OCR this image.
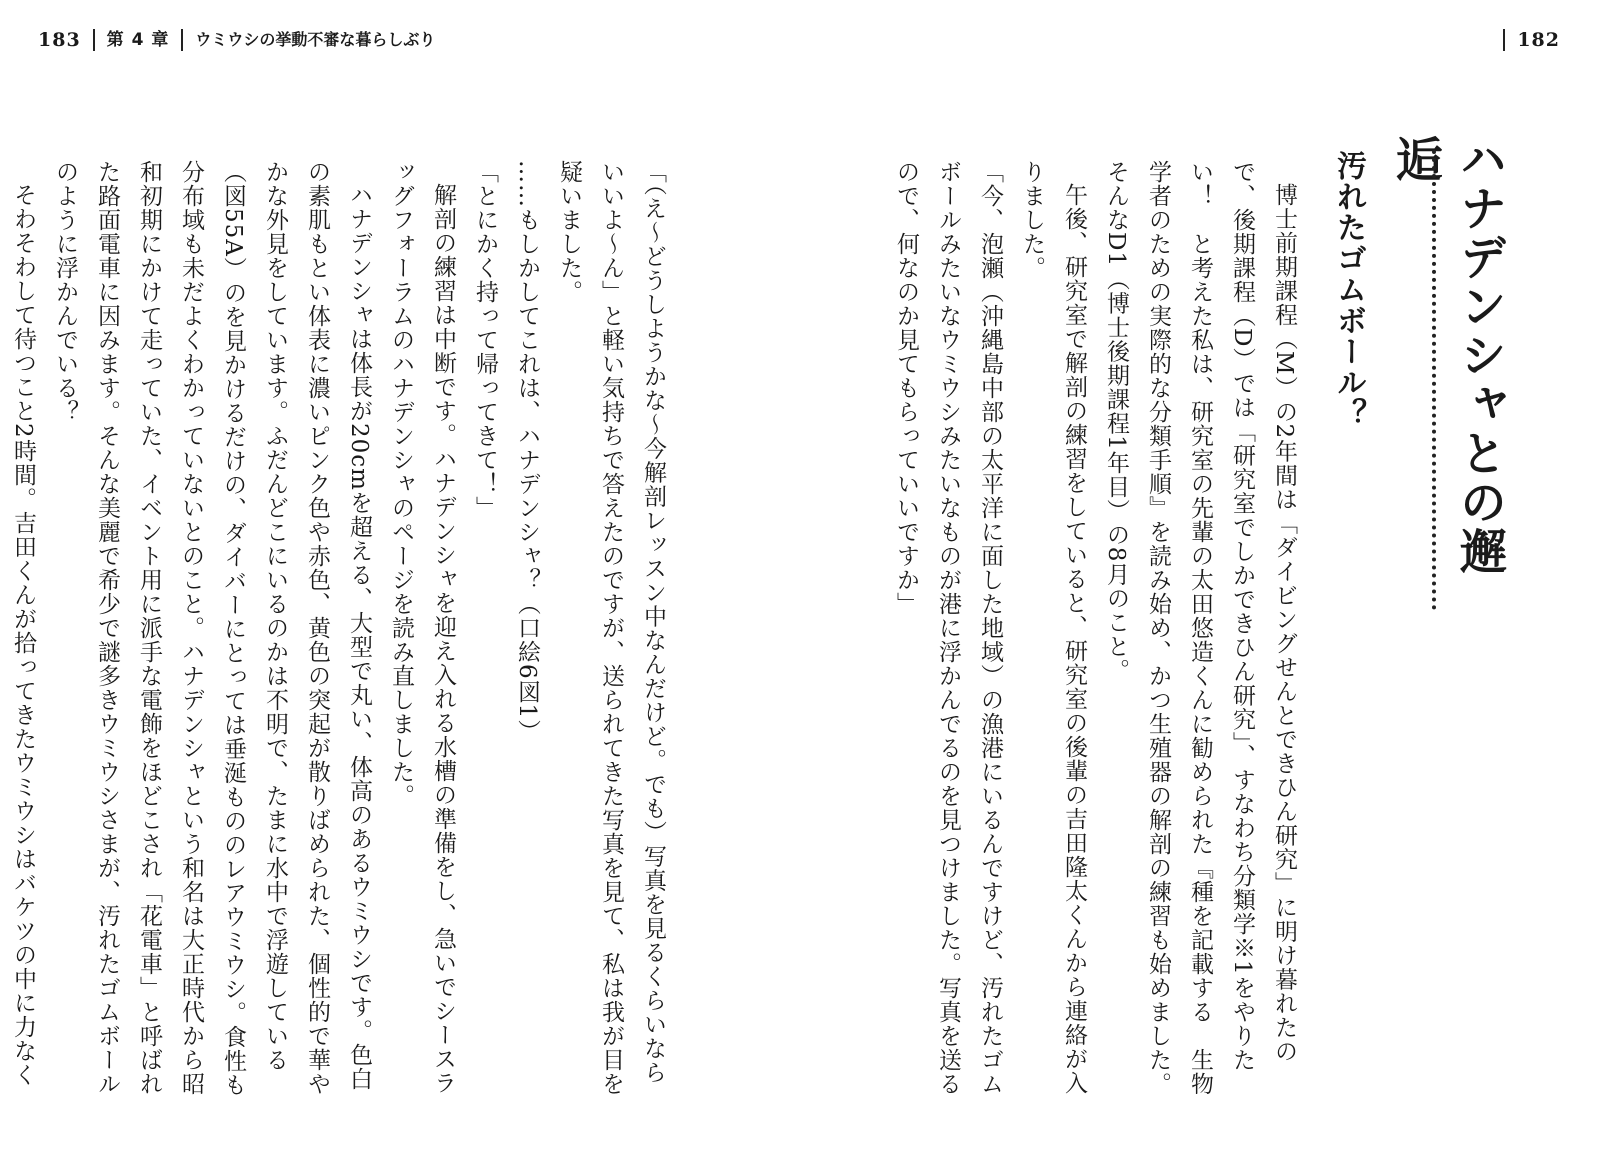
183 第 4 章 ウミウシの挙動不審な暮らしぶり	182
ハナデンシャとの邂逅
汚れたゴムボール？

博士前期課程（M）の2年間は「ダイビングせんとできひん研究」に明け暮れたので、後期課程（D）では「研究室でしかできひん研究」、すなわち分類学※1をやりたい！　と考えた私は、研究室の先輩の太田悠造くんに勧められた『種を記載する　生物学者のための実際的な分類手順』を読み始め、かつ生殖器の解剖の練習も始めました。そんなD1（博士後期課程1年目）の8月のこと。

午後、研究室で解剖の練習をしていると、研究室の後輩の吉田隆太くんから連絡が入りました。

「今、泡瀬（沖縄島中部の太平洋に面した地域）の漁港にいるんですけど、汚れたゴムボールみたいなウミウシみたいなものが港に浮かんでるのを見つけました。写真を送るので、何なのか見てもらっていいですか」

「（え～どうしようかな～今解剖レッスン中なんだけど。でも）写真を見るくらいならいいよ～ん」と軽い気持ちで答えたのですが、送られてきた写真を見て、私は我が目を疑いました。

……もしかしてこれは、ハナデンシャ？（口絵6図1）

「とにかく持って帰ってきて！」

解剖の練習は中断です。ハナデンシャを迎え入れる水槽の準備をし、急いでシースラッグフォーラムのハナデンシャのページを読み直しました。

ハナデンシャは体長が20cmを超える、大型で丸い、体高のあるウミウシです。色白の素肌もとい体表に濃いピンク色や赤色、黄色の突起が散りばめられた、個性的で華やかな外見をしています。ふだんどこにいるのかは不明で、たまに水中で浮遊している（図55A）のを見かけるだけの、ダイバーにとっては垂涎もののレアウミウシ。食性も分布域も未だよくわかっていないとのこと。ハナデンシャという和名は大正時代から昭和初期にかけて走っていた、イベント用に派手な電飾をほどこされ「花電車」と呼ばれた路面電車に因みます。そんな美麗で希少で謎多きウミウシさまが、汚れたゴムボールのように浮かんでいる？

そわそわして待つこと2時間。吉田くんが拾ってきたウミウシはバケツの中に力なく
